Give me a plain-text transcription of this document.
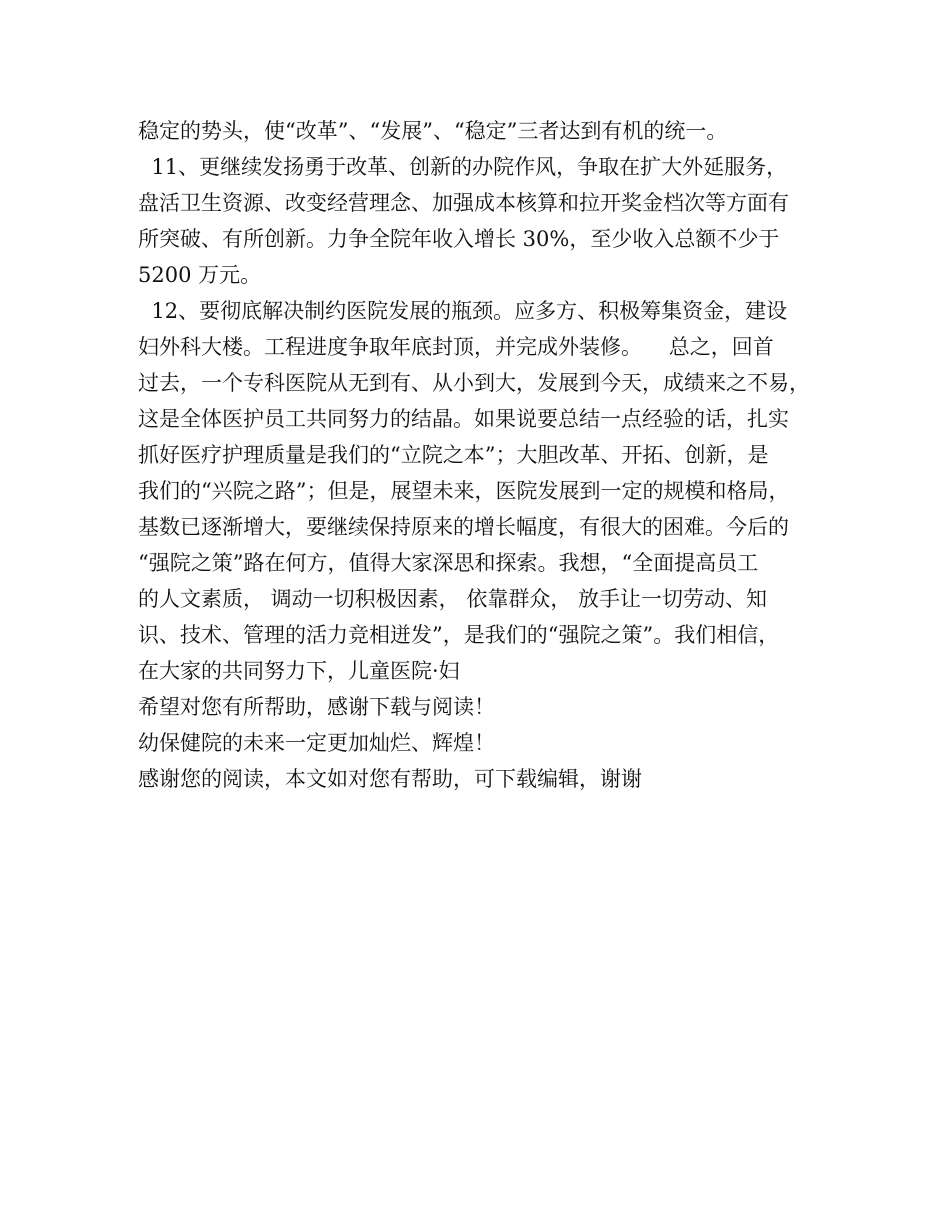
稳定的势头，使“改革”、“发展”、“稳定”三者达到有机的统一。
11、更继续发扬勇于改革、创新的办院作风，争取在扩大外延服务，
盘活卫生资源、改变经营理念、加强成本核算和拉开奖金档次等方面有
所突破、有所创新。力争全院年收入增长 30%，至少收入总额不少于
5200 万元。
12、要彻底解决制约医院发展的瓶颈。应多方、积极筹集资金，建设
妇外科大楼。工程进度争取年底封顶，并完成外装修。    总之，回首
过去，一个专科医院从无到有、从小到大，发展到今天，成绩来之不易，
这是全体医护员工共同努力的结晶。如果说要总结一点经验的话，扎实
抓好医疗护理质量是我们的“立院之本”；大胆改革、开拓、创新，是
我们的“兴院之路”；但是，展望未来，医院发展到一定的规模和格局，
基数已逐渐增大，要继续保持原来的增长幅度，有很大的困难。今后的
“强院之策”路在何方，值得大家深思和探索。我想，“全面提高员工
的人文素质， 调动一切积极因素， 依靠群众， 放手让一切劳动、知
识、技术、管理的活力竞相迸发”，是我们的“强院之策”。我们相信，
在大家的共同努力下，儿童医院·妇
希望对您有所帮助，感谢下载与阅读！
幼保健院的未来一定更加灿烂、辉煌！
感谢您的阅读，本文如对您有帮助，可下载编辑，谢谢
